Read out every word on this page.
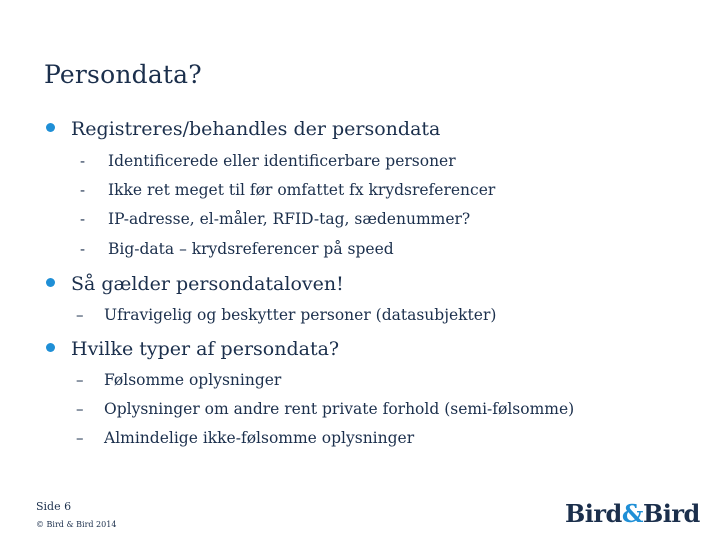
Persondata?
Registreres/behandles der persondata
-	Identificerede eller identificerbare personer
-	Ikke ret meget til før omfattet fx krydsreferencer
-	IP-adresse, el-måler, RFID-tag, sædenummer?
-	Big-data – krydsreferencer på speed
Så gælder persondataloven!
–	Ufravigelig og beskytter personer (datasubjekter)
Hvilke typer af persondata?
–	Følsomme oplysninger
–	Oplysninger om andre rent private forhold (semi-følsomme)
–	Almindelige ikke-følsomme oplysninger
Side 6
© Bird & Bird 2014	Bird&Bird
